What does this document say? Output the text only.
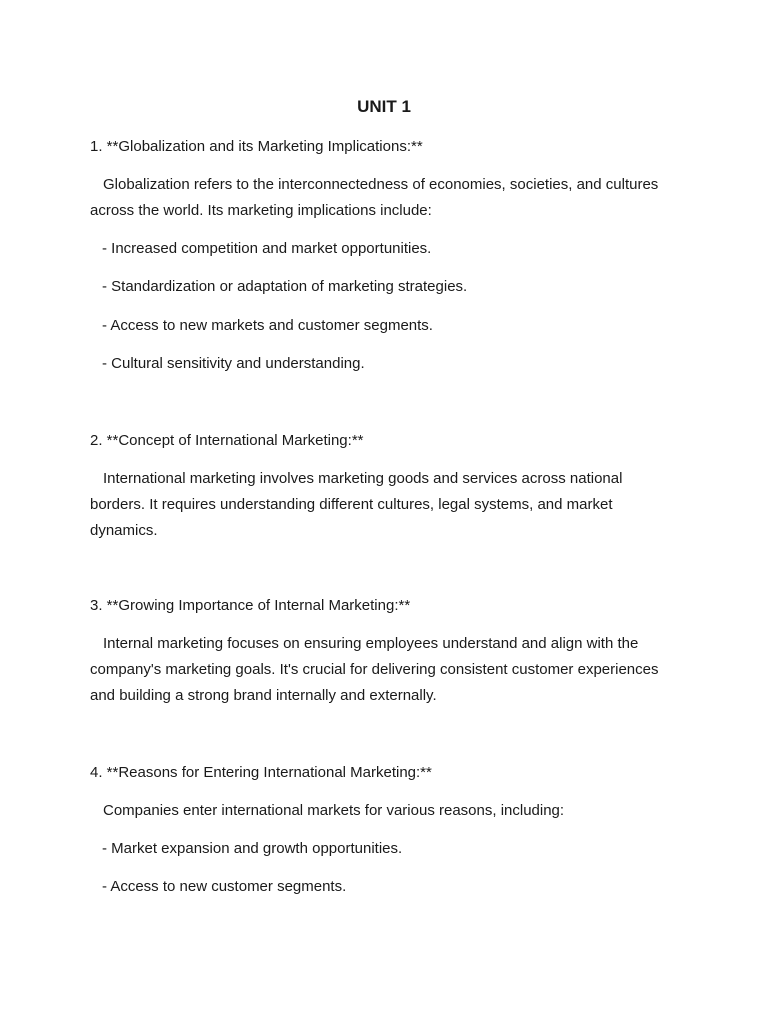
UNIT 1
1. **Globalization and its Marketing Implications:**
Globalization refers to the interconnectedness of economies, societies, and cultures across the world. Its marketing implications include:
- Increased competition and market opportunities.
- Standardization or adaptation of marketing strategies.
- Access to new markets and customer segments.
- Cultural sensitivity and understanding.
2. **Concept of International Marketing:**
International marketing involves marketing goods and services across national borders. It requires understanding different cultures, legal systems, and market dynamics.
3. **Growing Importance of Internal Marketing:**
Internal marketing focuses on ensuring employees understand and align with the company's marketing goals. It's crucial for delivering consistent customer experiences and building a strong brand internally and externally.
4. **Reasons for Entering International Marketing:**
Companies enter international markets for various reasons, including:
- Market expansion and growth opportunities.
- Access to new customer segments.
